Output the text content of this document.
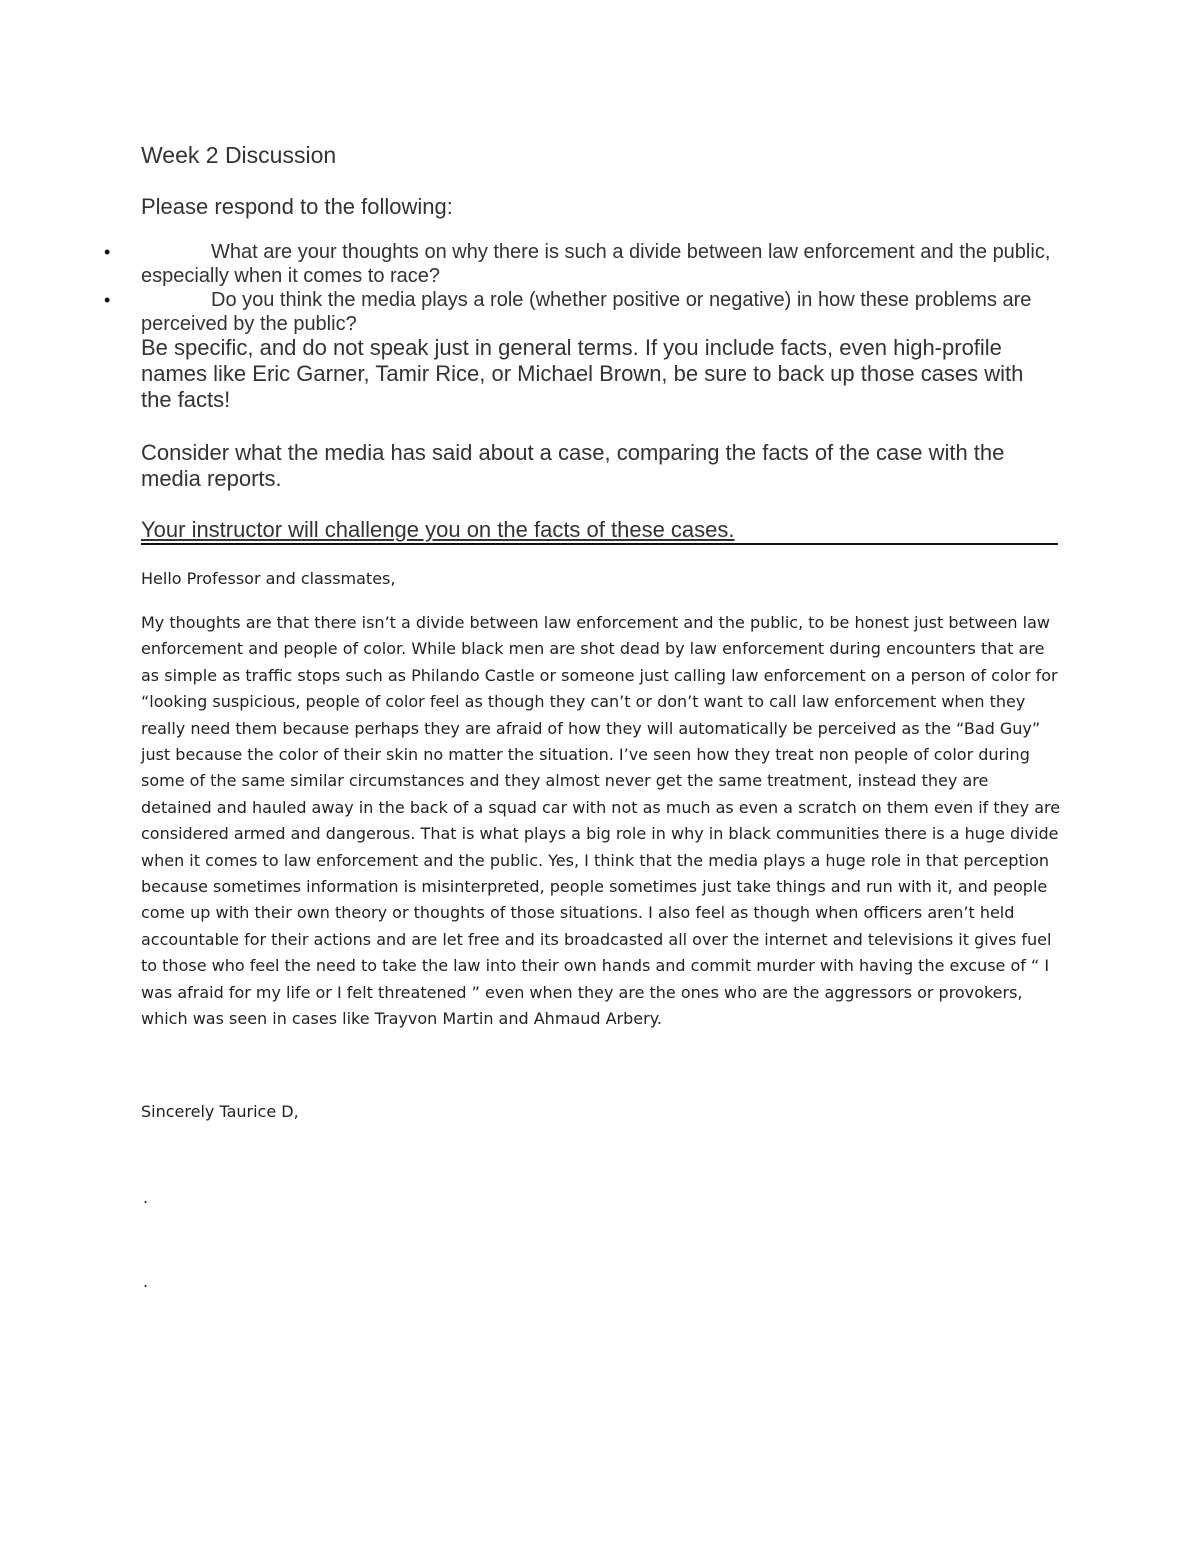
Week 2 Discussion

Please respond to the following:

•	What are your thoughts on why there is such a divide between law enforcement and the public, especially when it comes to race?
•	Do you think the media plays a role (whether positive or negative) in how these problems are perceived by the public?

Be specific, and do not speak just in general terms. If you include facts, even high-profile names like Eric Garner, Tamir Rice, or Michael Brown, be sure to back up those cases with the facts!

Consider what the media has said about a case, comparing the facts of the case with the media reports.

Your instructor will challenge you on the facts of these cases.

Hello Professor and classmates,

My thoughts are that there isn’t a divide between law enforcement and the public, to be honest just between law enforcement and people of color. While black men are shot dead by law enforcement during encounters that are as simple as traffic stops such as Philando Castle or someone just calling law enforcement on a person of color for “looking suspicious, people of color feel as though they can’t or don’t want to call law enforcement when they really need them because perhaps they are afraid of how they will automatically be perceived as the “Bad Guy” just because the color of their skin no matter the situation. I’ve seen how they treat non people of color during some of the same similar circumstances and they almost never get the same treatment, instead they are detained and hauled away in the back of a squad car with not as much as even a scratch on them even if they are considered armed and dangerous. That is what plays a big role in why in black communities there is a huge divide when it comes to law enforcement and the public. Yes, I think that the media plays a huge role in that perception because sometimes information is misinterpreted, people sometimes just take things and run with it, and people come up with their own theory or thoughts of those situations. I also feel as though when officers aren’t held accountable for their actions and are let free and its broadcasted all over the internet and televisions it gives fuel to those who feel the need to take the law into their own hands and commit murder with having the excuse of “ I was afraid for my life or I felt threatened ” even when they are the ones who are the aggressors or provokers, which was seen in cases like Trayvon Martin and Ahmaud Arbery.

Sincerely Taurice D,

.

.
